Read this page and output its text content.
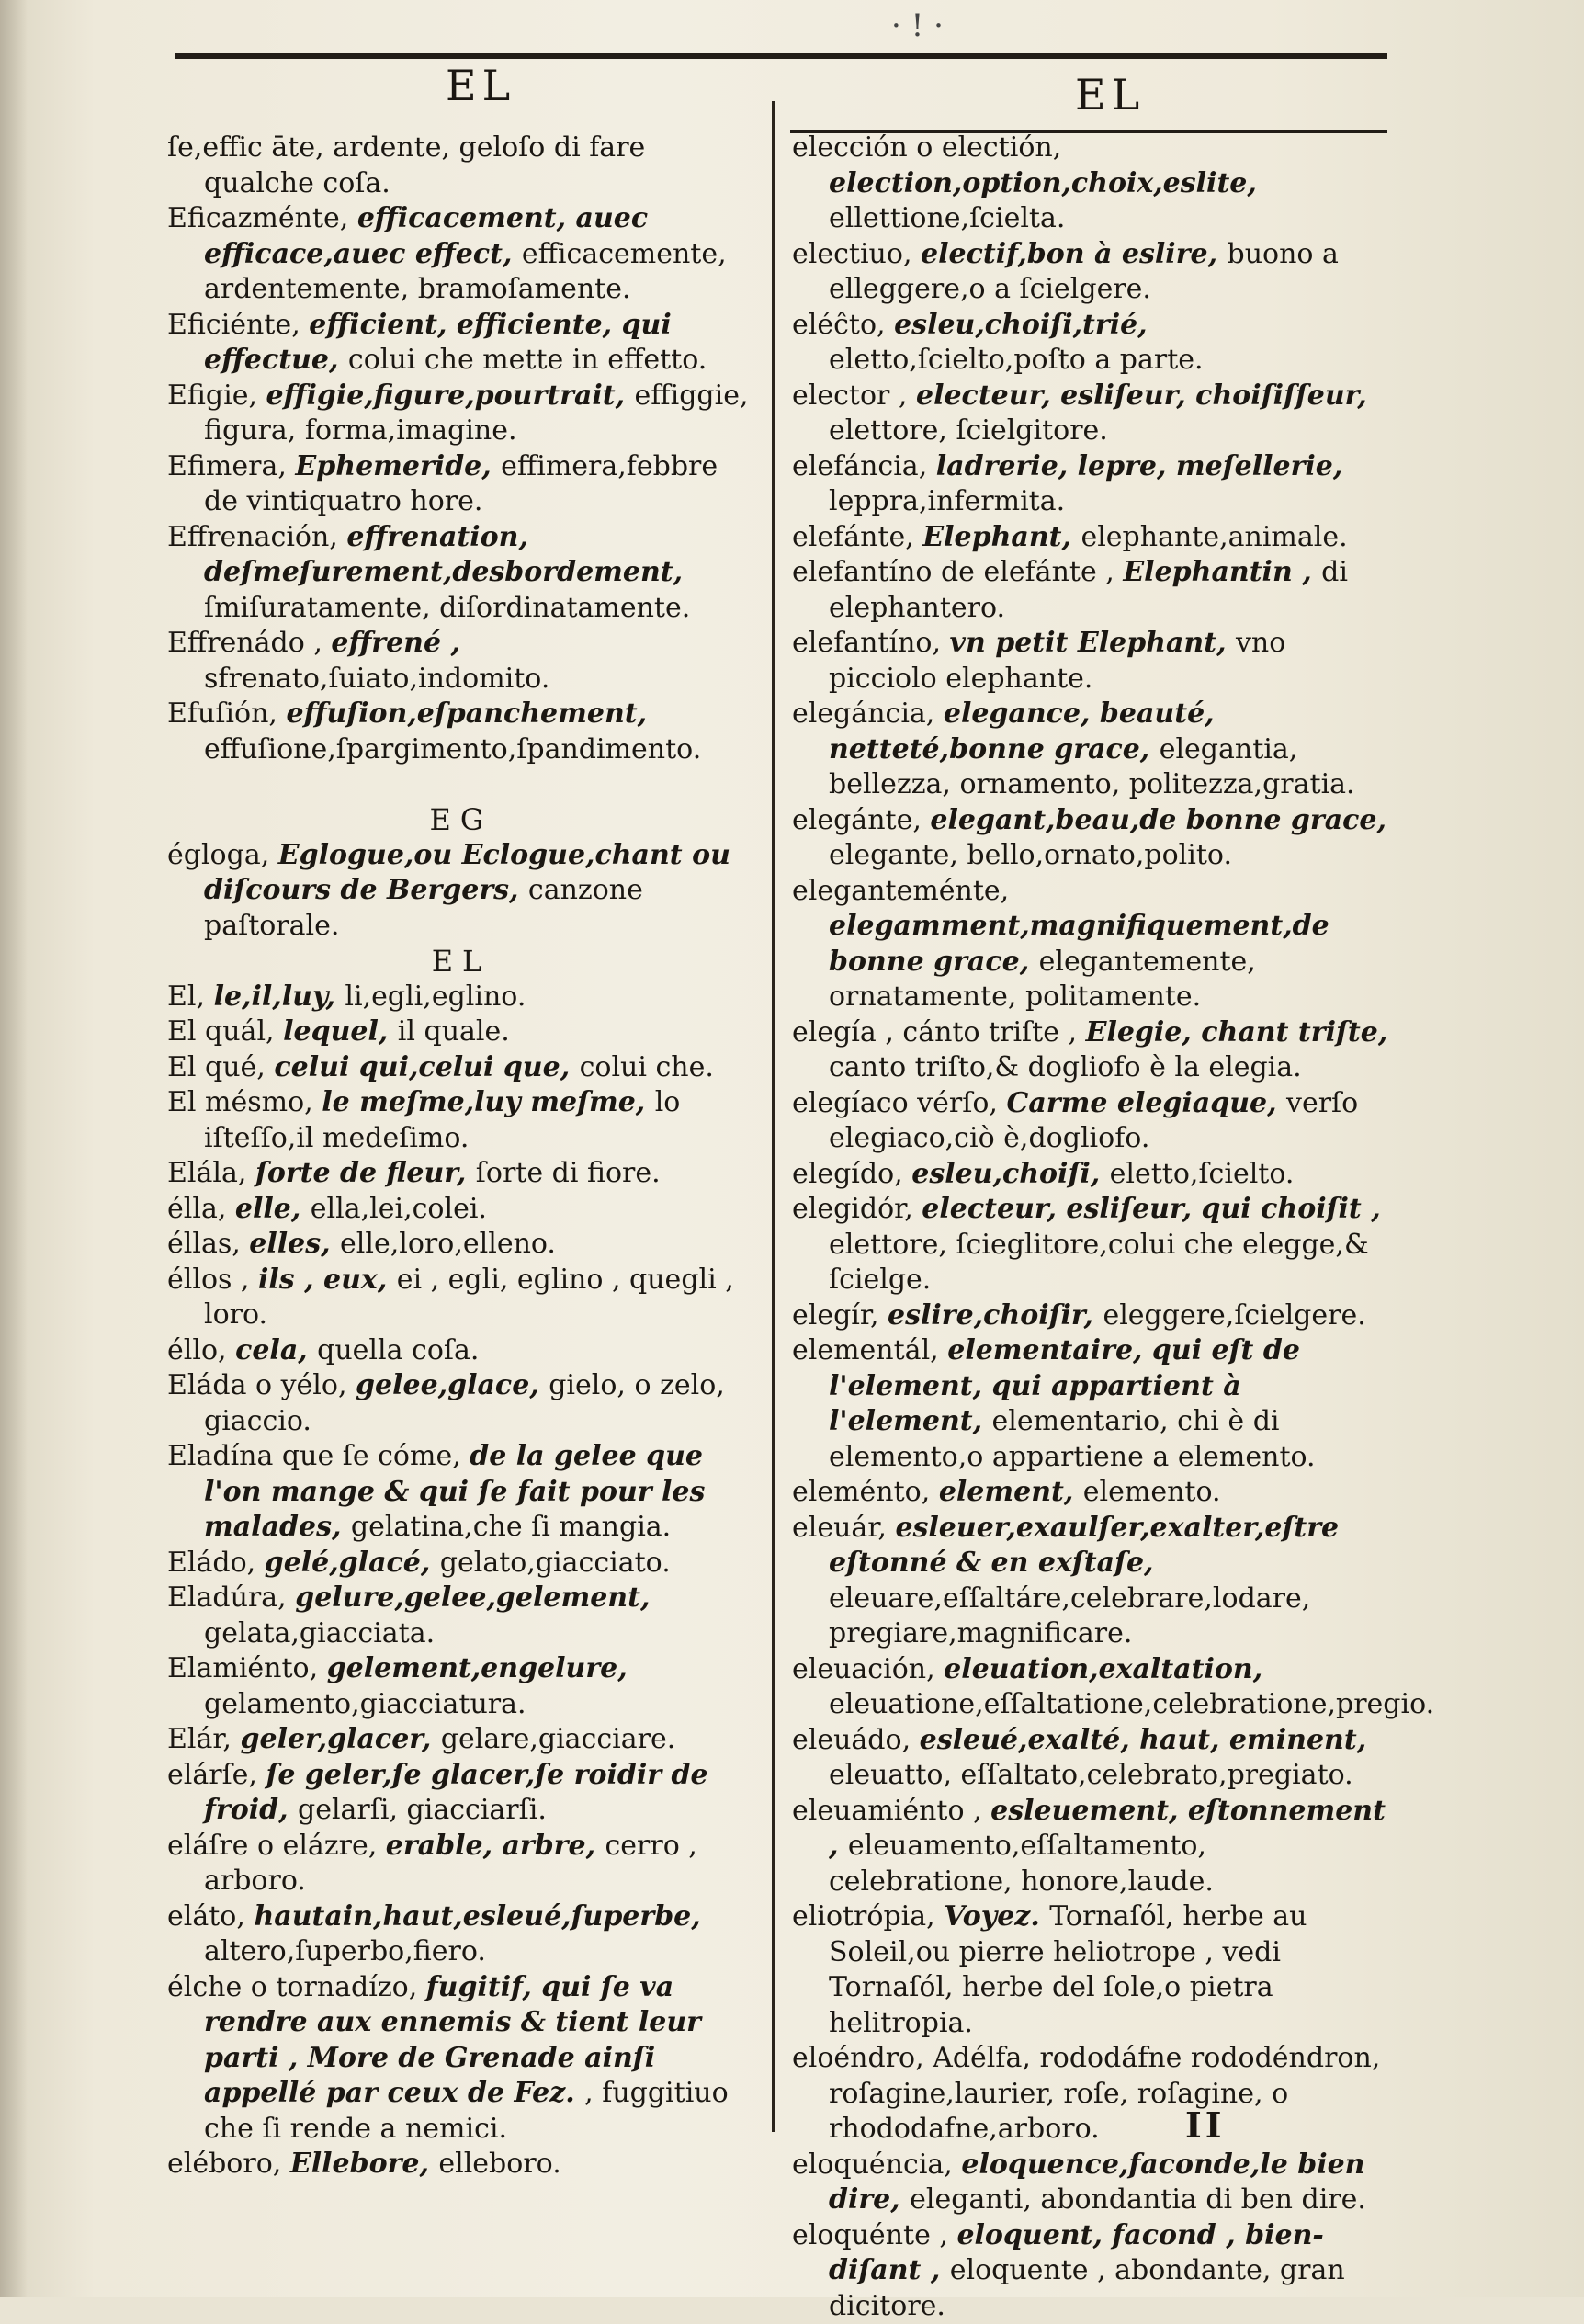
· ! ·
EL	EL

ſe,effic āte, ardente, geloſo di fare qualche coſa.

Eficazménte, efficacement, auec efficace,auec effect, efficacemente, ardentemente, bramoſamente.

Eficiénte, efficient, efficiente, qui effectue, colui che mette in effetto.

Efigie, effigie,figure,pourtrait, effiggie, figura, forma,imagine.

Efimera, Ephemeride, effimera,febbre de vintiquatro hore.

Effrenación, effrenation, deſmeſurement,desbordement, ſmiſuratamente, diſordinatamente.

Effrenádo , effrené , sfrenato,ſuiato,indomito.

Efuſión, effuſion,eſpanchement, effuſione,ſpargimento,ſpandimento.

EG

égloga, Eglogue,ou Eclogue,chant ou diſcours de Bergers, canzone paſtorale.

EL

El, le,il,luy, li,egli,eglino.

El quál, lequel, il quale.

El qué, celui qui,celui que, colui che.

El mésmo, le meſme,luy meſme, lo iſteſſo,il medeſimo.

Elála, ſorte de fleur, ſorte di fiore.

élla, elle, ella,lei,colei.

éllas, elles, elle,loro,elleno.

éllos , ils , eux, ei , egli, eglino , quegli , loro.

éllo, cela, quella coſa.

Eláda o yélo, gelee,glace, gielo, o zelo, giaccio.

Eladína que ſe cóme, de la gelee que l'on mange & qui ſe fait pour les malades, gelatina,che ſi mangia.

Eládo, gelé,glacé, gelato,giacciato.

Eladúra, gelure,gelee,gelement, gelata,giacciata.

Elamiénto, gelement,engelure, gelamento,giacciatura.

Elár, geler,glacer, gelare,giacciare.

elárſe, ſe geler,ſe glacer,ſe roidir de froid, gelarſi, giacciarſi.

eláſre o elázre, erable, arbre, cerro , arboro.

eláto, hautain,haut,esleué,ſuperbe, altero,ſuperbo,fiero.

élche o tornadízo, fugitif, qui ſe va rendre aux ennemis & tient leur parti , More de Grenade ainſi appellé par ceux de Fez. , fuggitiuo che ſi rende a nemici.

eléboro, Ellebore, elleboro.

elección o electión, election,option,choix,eslite, ellettione,ſcielta.

electiuo, electif,bon à eslire, buono a elleggere,o a ſcielgere.

eléĉto, esleu,choiſi,trié, eletto,ſcielto,poſto a parte.

elector , electeur, esliſeur, choiſiſſeur, elettore, ſcielgitore.

elefáncia, ladrerie, lepre, meſellerie, leppra,infermita.

elefánte, Elephant, elephante,animale.

elefantíno de elefánte , Elephantin , di elephantero.

elefantíno, vn petit Elephant, vno picciolo elephante.

elegáncia, elegance, beauté, netteté,bonne grace, elegantia, bellezza, ornamento, politezza,gratia.

elegánte, elegant,beau,de bonne grace, elegante, bello,ornato,polito.

eleganteménte, elegamment,magnifiquement,de bonne grace, elegantemente, ornatamente, politamente.

elegía , cánto triſte , Elegie, chant triſte, canto triſto,& dogliofo è la elegia.

elegíaco vérſo, Carme elegiaque, verſo elegiaco,ciò è,dogliofo.

elegído, esleu,choiſi, eletto,ſcielto.

elegidór, electeur, esliſeur, qui choiſit , elettore, ſcieglitore,colui che elegge,& ſcielge.

elegír, eslire,choiſir, eleggere,ſcielgere.

elementál, elementaire, qui eſt de l'element, qui appartient à l'element, elementario, chi è di elemento,o appartiene a elemento.

eleménto, element, elemento.

eleuár, esleuer,exaulſer,exalter,eſtre eſtonné & en exſtaſe, eleuare,eſſaltáre,celebrare,lodare, pregiare,magnificare.

eleuación, eleuation,exaltation, eleuatione,eſſaltatione,celebratione,pregio.

eleuádo, esleué,exalté, haut, eminent, eleuatto, eſſaltato,celebrato,pregiato.

eleuamiénto , esleuement, eſtonnement , eleuamento,eſſaltamento, celebratione, honore,laude.

eliotrópia, Voyez. Tornaſól, herbe au Soleil,ou pierre heliotrope , vedi Tornaſól, herbe del ſole,o pietra helitropia.

eloéndro, Adélfa, rododáfne rododéndron, roſagine,laurier, roſe, roſagine, o rhododafne,arboro.

eloquéncia, eloquence,faconde,le bien dire, eleganti, abondantia di ben dire.

eloquénte , eloquent, facond , bien-diſant , eloquente , abondante, gran dicitore.

II
